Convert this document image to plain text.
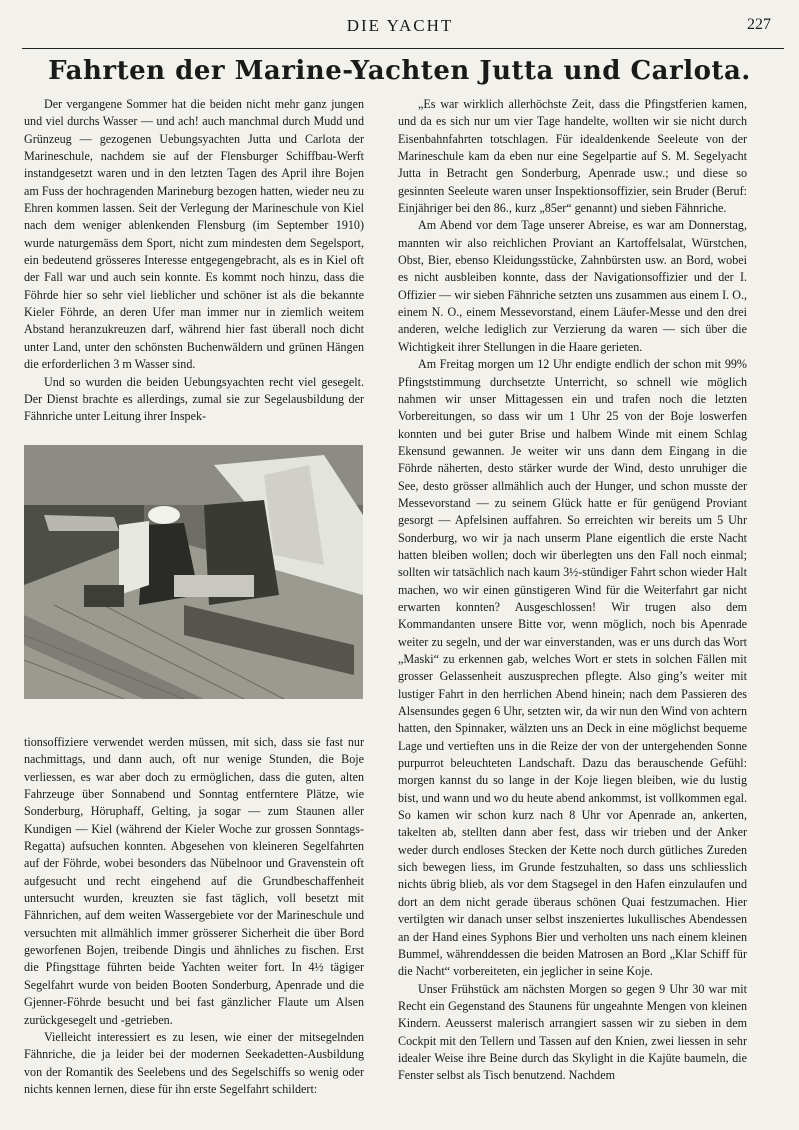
DIE YACHT	227
Fahrten der Marine-Yachten Jutta und Carlota.

Der vergangene Sommer hat die beiden nicht mehr ganz jungen und viel durchs Wasser — und ach! auch manchmal durch Mudd und Grünzeug — gezogenen Uebungsyachten Jutta und Carlota der Marineschule, nachdem sie auf der Flensburger Schiffbau-Werft instandgesetzt waren und in den letzten Tagen des April ihre Bojen am Fuss der hochragenden Marineburg bezogen hatten, wieder neu zu Ehren kommen lassen. Seit der Verlegung der Marineschule von Kiel nach dem weniger ablenkenden Flensburg (im September 1910) wurde naturgemäss dem Sport, nicht zum mindesten dem Segelsport, ein bedeutend grösseres Interesse entgegengebracht, als es in Kiel oft der Fall war und auch sein konnte. Es kommt noch hinzu, dass die Föhrde hier so sehr viel lieblicher und schöner ist als die bekannte Kieler Föhrde, an deren Ufer man immer nur in ziemlich weitem Abstand heranzukreuzen darf, während hier fast überall noch dicht unter Land, unter den schönsten Buchenwäldern und grünen Hängen die erforderlichen 3 m Wasser sind.

Und so wurden die beiden Uebungsyachten recht viel gesegelt. Der Dienst brachte es allerdings, zumal sie zur Segelausbildung der Fähnriche unter Leitung ihrer Inspek-

tionsoffiziere verwendet werden müssen, mit sich, dass sie fast nur nachmittags, und dann auch, oft nur wenige Stunden, die Boje verliessen, es war aber doch zu ermöglichen, dass die guten, alten Fahrzeuge über Sonnabend und Sonntag entferntere Plätze, wie Sonderburg, Höruphaff, Gelting, ja sogar — zum Staunen aller Kundigen — Kiel (während der Kieler Woche zur grossen Sonntags-Regatta) aufsuchen konnten. Abgesehen von kleineren Segelfahrten auf der Föhrde, wobei besonders das Nübelnoor und Gravenstein oft aufgesucht und recht eingehend auf die Grundbeschaffenheit untersucht wurden, kreuzten sie fast täglich, voll besetzt mit Fähnrichen, auf dem weiten Wassergebiete vor der Marineschule und versuchten mit allmählich immer grösserer Sicherheit die über Bord geworfenen Bojen, treibende Dingis und ähnliches zu fischen. Erst die Pfingsttage führten beide Yachten weiter fort. In 4½ tägiger Segelfahrt wurde von beiden Booten Sonderburg, Apenrade und die Gjenner-Föhrde besucht und bei fast gänzlicher Flaute um Alsen zurückgesegelt und -getrieben.

Vielleicht interessiert es zu lesen, wie einer der mitsegelnden Fähnriche, die ja leider bei der modernen Seekadetten-Ausbildung von der Romantik des Seelebens und des Segelschiffs so wenig oder nichts kennen lernen, diese für ihn erste Segelfahrt schildert:

„Es war wirklich allerhöchste Zeit, dass die Pfingstferien kamen, und da es sich nur um vier Tage handelte, wollten wir sie nicht durch Eisenbahnfahrten totschlagen. Für idealdenkende Seeleute von der Marineschule kam da eben nur eine Segelpartie auf S. M. Segelyacht Jutta in Betracht gen Sonderburg, Apenrade usw.; und diese so gesinnten Seeleute waren unser Inspektionsoffizier, sein Bruder (Beruf: Einjähriger bei den 86., kurz „85er“ genannt) und sieben Fähnriche.

Am Abend vor dem Tage unserer Abreise, es war am Donnerstag, mannten wir also reichlichen Proviant an Kartoffelsalat, Würstchen, Obst, Bier, ebenso Kleidungsstücke, Zahnbürsten usw. an Bord, wobei es nicht ausbleiben konnte, dass der Navigationsoffizier und der I. Offizier — wir sieben Fähnriche setzten uns zusammen aus einem I. O., einem N. O., einem Messevorstand, einem Läufer-Messe und den drei anderen, welche lediglich zur Verzierung da waren — sich über die Wichtigkeit ihrer Stellungen in die Haare gerieten.

Am Freitag morgen um 12 Uhr endigte endlich der schon mit 99% Pfingststimmung durchsetzte Unterricht, so schnell wie möglich nahmen wir unser Mittagessen ein und trafen noch die letzten Vorbereitungen, so dass wir um 1 Uhr 25 von der Boje loswerfen konnten und bei guter Brise und halbem Winde mit einem Schlag Ekensund gewannen. Je weiter wir uns dann dem Eingang in die Föhrde näherten, desto stärker wurde der Wind, desto unruhiger die See, desto grösser allmählich auch der Hunger, und schon musste der Messevorstand — zu seinem Glück hatte er für genügend Proviant gesorgt — Apfelsinen auffahren. So erreichten wir bereits um 5 Uhr Sonderburg, wo wir ja nach unserm Plane eigentlich die erste Nacht hatten bleiben wollen; doch wir überlegten uns den Fall noch einmal; sollten wir tatsächlich nach kaum 3½-stündiger Fahrt schon wieder Halt machen, wo wir einen günstigeren Wind für die Weiterfahrt gar nicht erwarten konnten? Ausgeschlossen! Wir trugen also dem Kommandanten unsere Bitte vor, wenn möglich, noch bis Apenrade weiter zu segeln, und der war einverstanden, was er uns durch das Wort „Maski“ zu erkennen gab, welches Wort er stets in solchen Fällen mit grosser Gelassenheit auszusprechen pflegte. Also ging’s weiter mit lustiger Fahrt in den herrlichen Abend hinein; nach dem Passieren des Alsensundes gegen 6 Uhr, setzten wir, da wir nun den Wind von achtern hatten, den Spinnaker, wälzten uns an Deck in eine möglichst bequeme Lage und vertieften uns in die Reize der von der untergehenden Sonne purpurrot beleuchteten Landschaft. Dazu das berauschende Gefühl: morgen kannst du so lange in der Koje liegen bleiben, wie du lustig bist, und wann und wo du heute abend ankommst, ist vollkommen egal. So kamen wir schon kurz nach 8 Uhr vor Apenrade an, ankerten, takelten ab, stellten dann aber fest, dass wir trieben und der Anker weder durch endloses Stecken der Kette noch durch gütliches Zureden sich bewegen liess, im Grunde festzuhalten, so dass uns schliesslich nichts übrig blieb, als vor dem Stagsegel in den Hafen einzulaufen und dort an dem nicht gerade überaus schönen Quai festzumachen. Hier vertilgten wir danach unser selbst inszeniertes lukullisches Abendessen an der Hand eines Syphons Bier und verholten uns nach einem kleinen Bummel, währenddessen die beiden Matrosen an Bord „Klar Schiff für die Nacht“ vorbereiteten, ein jeglicher in seine Koje.

Unser Frühstück am nächsten Morgen so gegen 9 Uhr 30 war mit Recht ein Gegenstand des Staunens für ungeahnte Mengen von kleinen Kindern. Aeusserst malerisch arrangiert sassen wir zu sieben in dem Cockpit mit den Tellern und Tassen auf den Knien, zwei liessen in sehr idealer Weise ihre Beine durch das Skylight in die Kajüte baumeln, die Fenster selbst als Tisch benutzend. Nachdem
